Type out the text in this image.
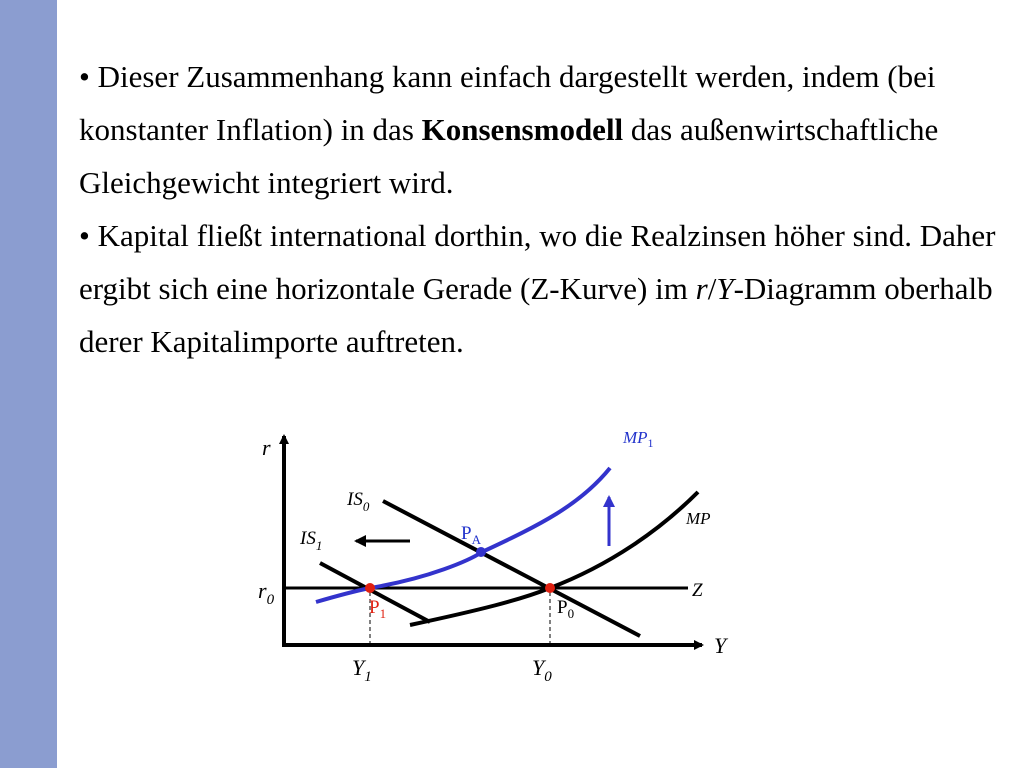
• Dieser Zusammenhang kann einfach dargestellt werden, indem (bei konstanter Inflation) in das Konsensmodell das außenwirtschaftliche Gleichgewicht integriert wird.

• Kapital fließt international dorthin, wo die Realzinsen höher sind. Daher ergibt sich eine horizontale Gerade (Z-Kurve) im r/Y-Diagramm oberhalb derer Kapitalimporte auftreten.

r
Y
$r_0$
$Y_1$	$Y_0$
$IS_0$
$IS_1$
MP
$MP_1$
Z
$P_0$
$P_1$
$P_A$
